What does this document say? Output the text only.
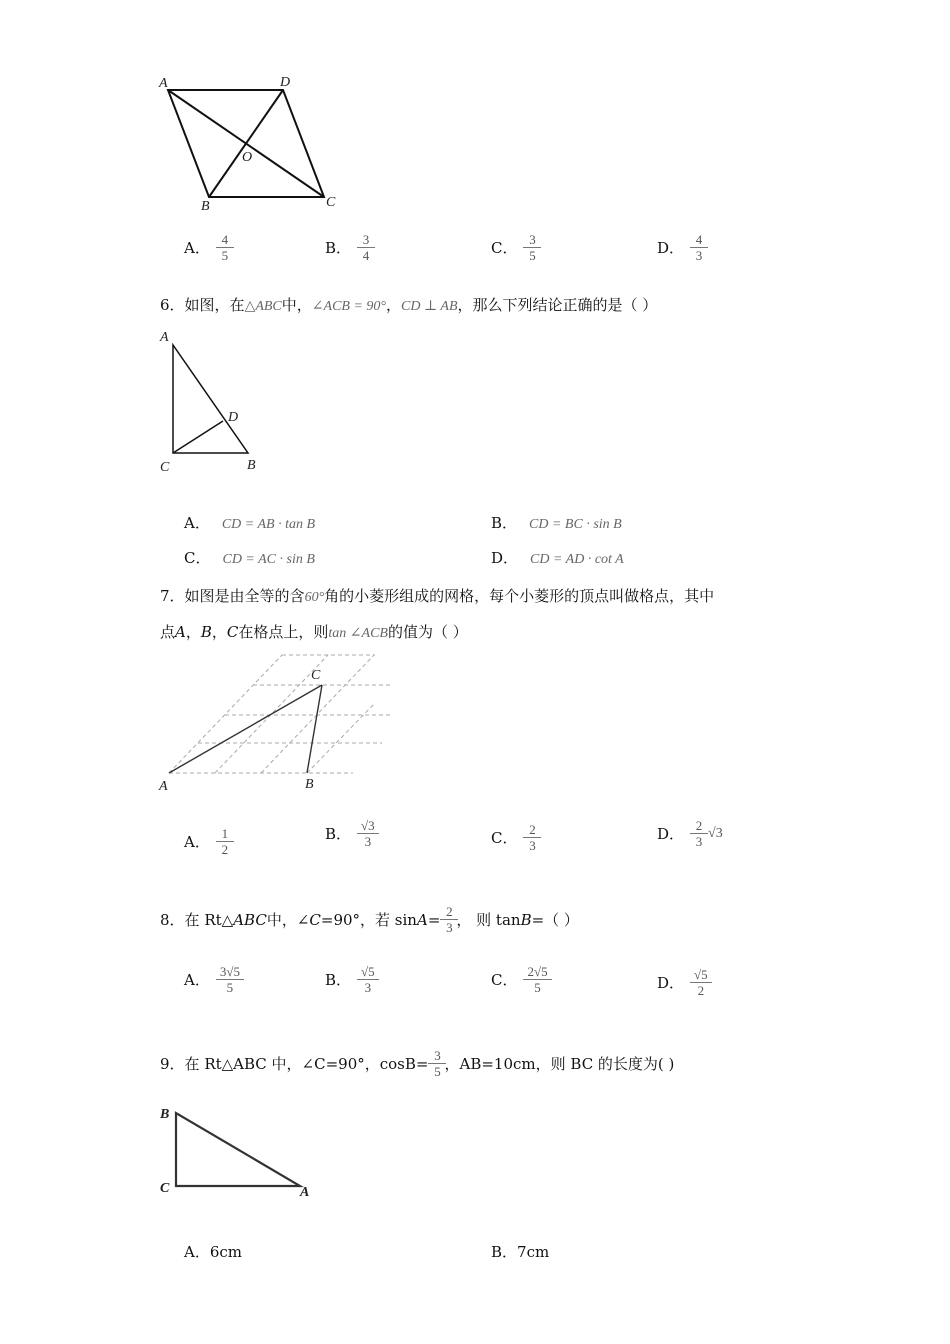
A	D
O
B	C
A． $\frac{4}{5}$	B． $\frac{3}{4}$	C． $\frac{3}{5}$	D． $\frac{4}{3}$
6．如图，在△ABC中，∠ACB = 90°，CD ⊥ AB，那么下列结论正确的是（ ）
A
D
C	B
A． CD = AB · tan B	B． CD = BC · sin B
C． CD = AC · sin B	D． CD = AD · cot A
7．如图是由全等的含60°角的小菱形组成的网格，每个小菱形的顶点叫做格点，其中
点A，B，C在格点上，则tan ∠ACB的值为（ ）
C
A	B
A． $\frac{1}{2}$	B． $\frac{√3}{3}$	C． $\frac{2}{3}$	D． $\frac{2}{3} √3$
8． 在 Rt△ ABC 中，∠ C =90°，若 $\sin A = \frac{2}{3}$ ， 则 tan B =（ ）
A． $\frac{3√5}{5}$	B． $\frac{√5}{3}$	C． $\frac{2√5}{5}$	D． $\frac{√5}{2}$
9． 在 Rt△ABC 中，∠C=90°，$\cos B= \frac{3}{5}$ ，AB=10cm，则 BC 的长度为( )
B
C	A
A．6cm	B．7cm
